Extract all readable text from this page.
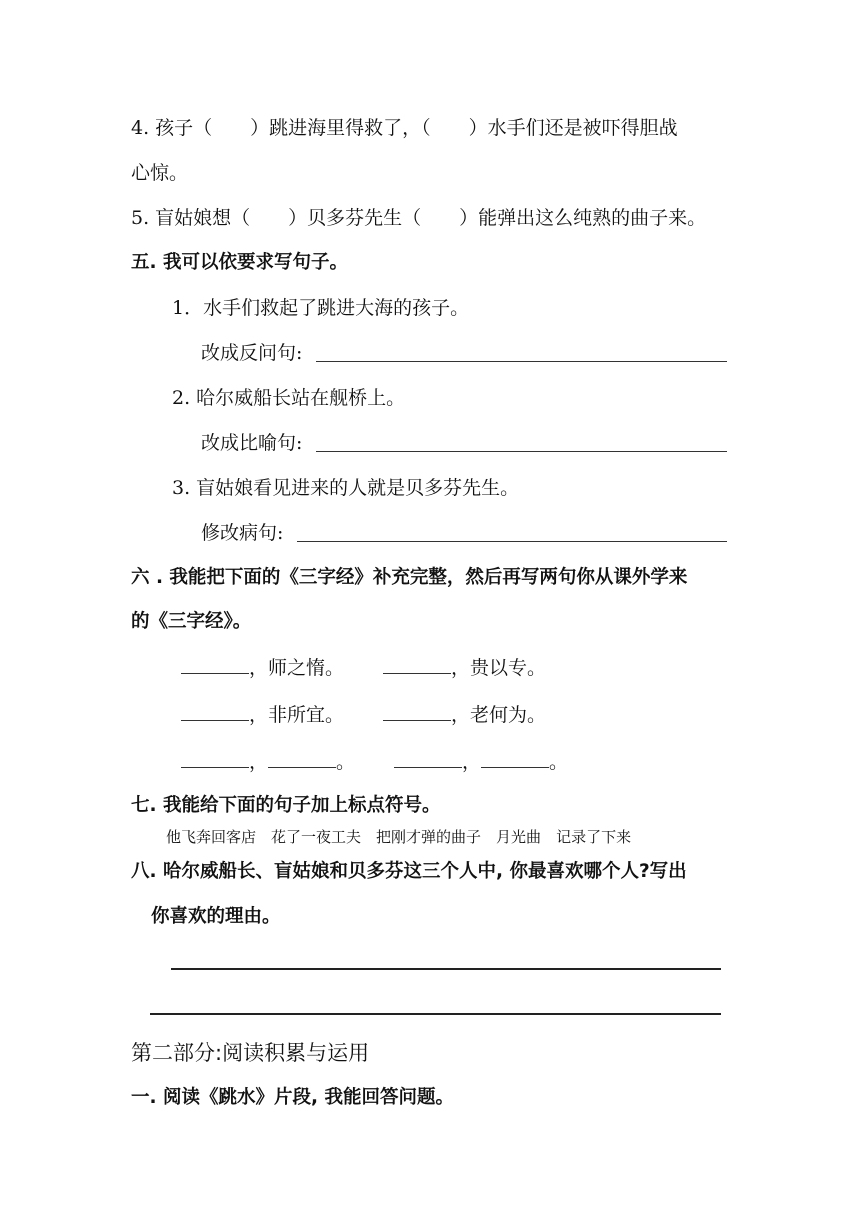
4. 孩子（　　）跳进海里得救了，（　　）水手们还是被吓得胆战
心惊。
5. 盲姑娘想（　　）贝多芬先生（　　）能弹出这么纯熟的曲子来。
五. 我可以依要求写句子。
1．水手们救起了跳进大海的孩子。
改成反问句:
2. 哈尔威船长站在舰桥上。
改成比喻句:
3. 盲姑娘看见进来的人就是贝多芬先生。
修改病句:
六 . 我能把下面的《三字经》补充完整，然后再写两句你从课外学来
的《三字经》。
，师之惰。	，贵以专。
，非所宜。	，老何为。
，	。	，	。
七. 我能给下面的句子加上标点符号。
他飞奔回客店 花了一夜工夫 把刚才弹的曲子 月光曲 记录了下来
八. 哈尔威船长、盲姑娘和贝多芬这三个人中, 你最喜欢哪个人?写出
你喜欢的理由。
第二部分:阅读积累与运用
一. 阅读《跳水》片段, 我能回答问题。
